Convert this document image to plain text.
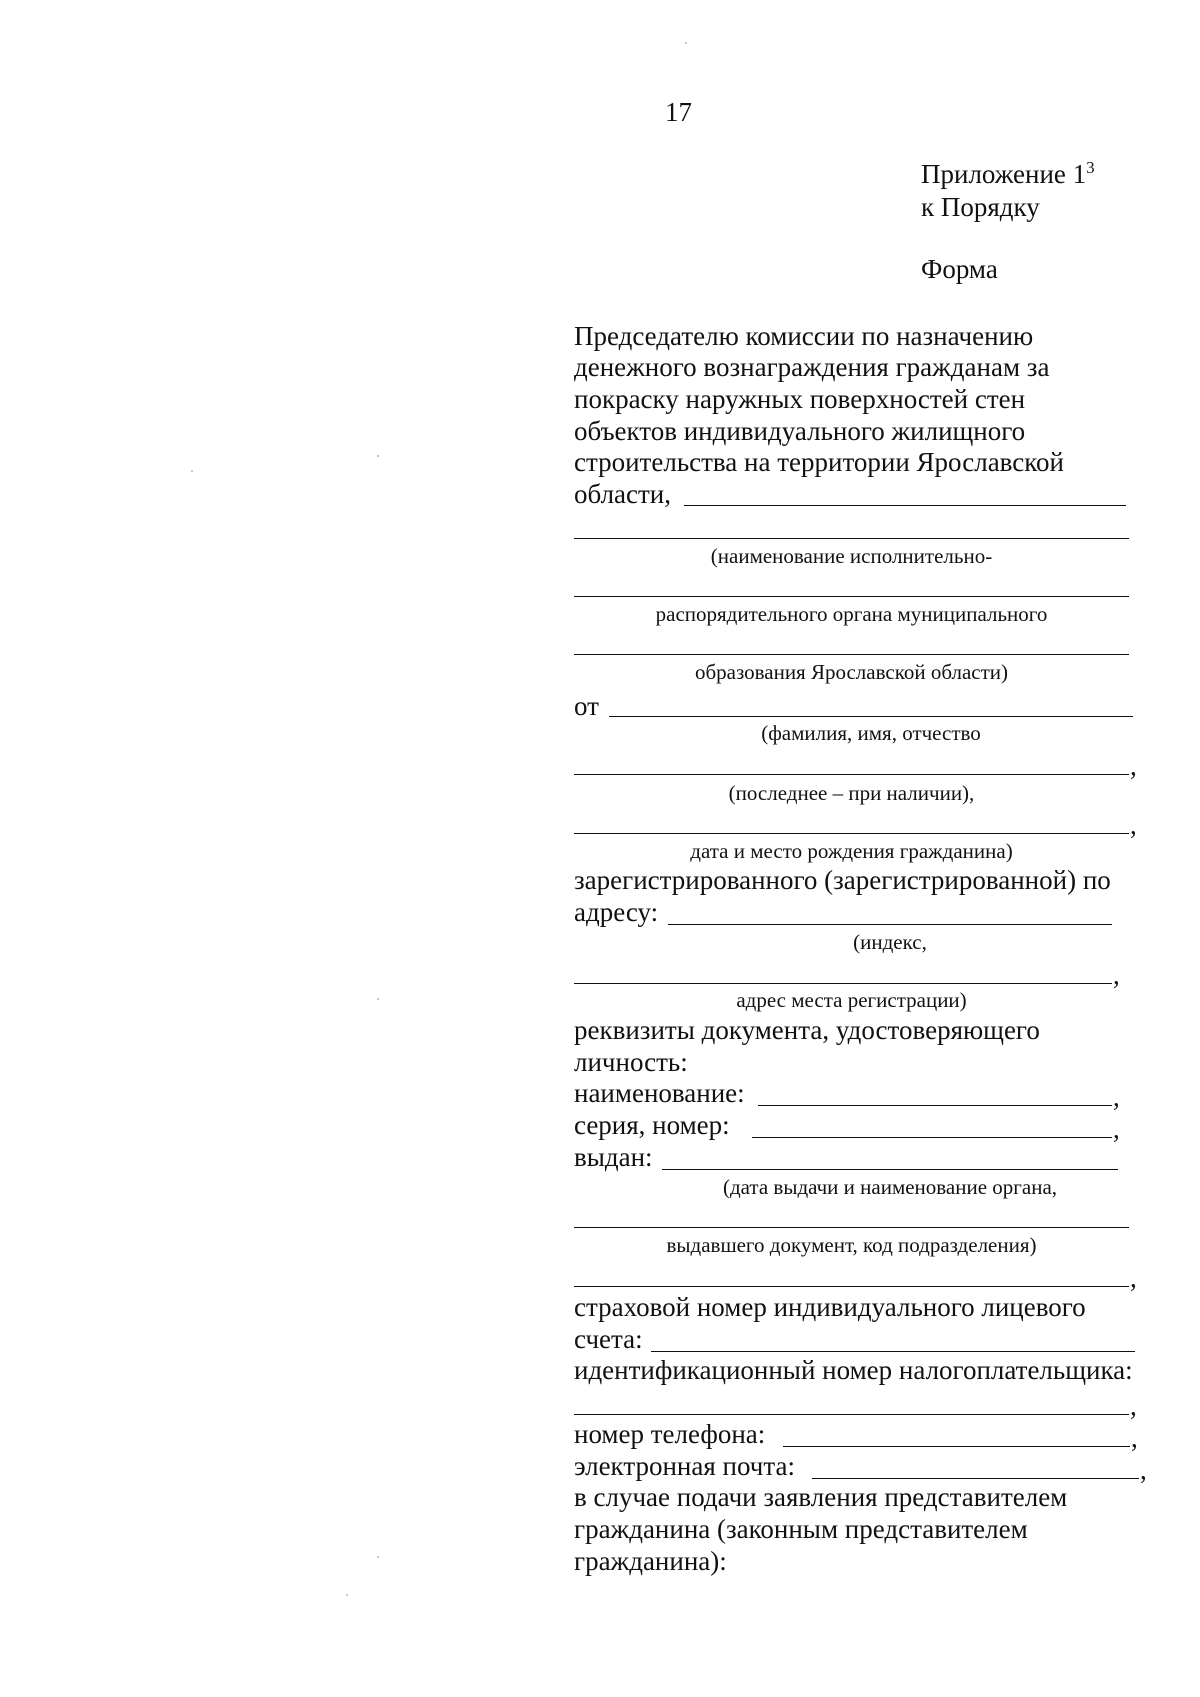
17
Приложение $1^3$
к Порядку
Форма
Председателю комиссии по назначению
денежного вознаграждения гражданам за
покраску наружных поверхностей стен
объектов индивидуального жилищного
строительства на территории Ярославской
области,
(наименование исполнительно-
распорядительного органа муниципального
образования Ярославской области)
от
(фамилия, имя, отчество
,
(последнее – при наличии),
,
дата и место рождения гражданина)
зарегистрированного (зарегистрированной) по
адресу:
(индекс,
,
адрес места регистрации)
реквизиты документа, удостоверяющего
личность:
наименование:	,
серия, номер:	,
выдан:
(дата выдачи и наименование органа,
выдавшего документ, код подразделения)
,
страховой номер индивидуального лицевого
счета:
идентификационный номер налогоплательщика:
,
номер телефона:	,
электронная почта:	,
в случае подачи заявления представителем
гражданина (законным представителем
гражданина):
